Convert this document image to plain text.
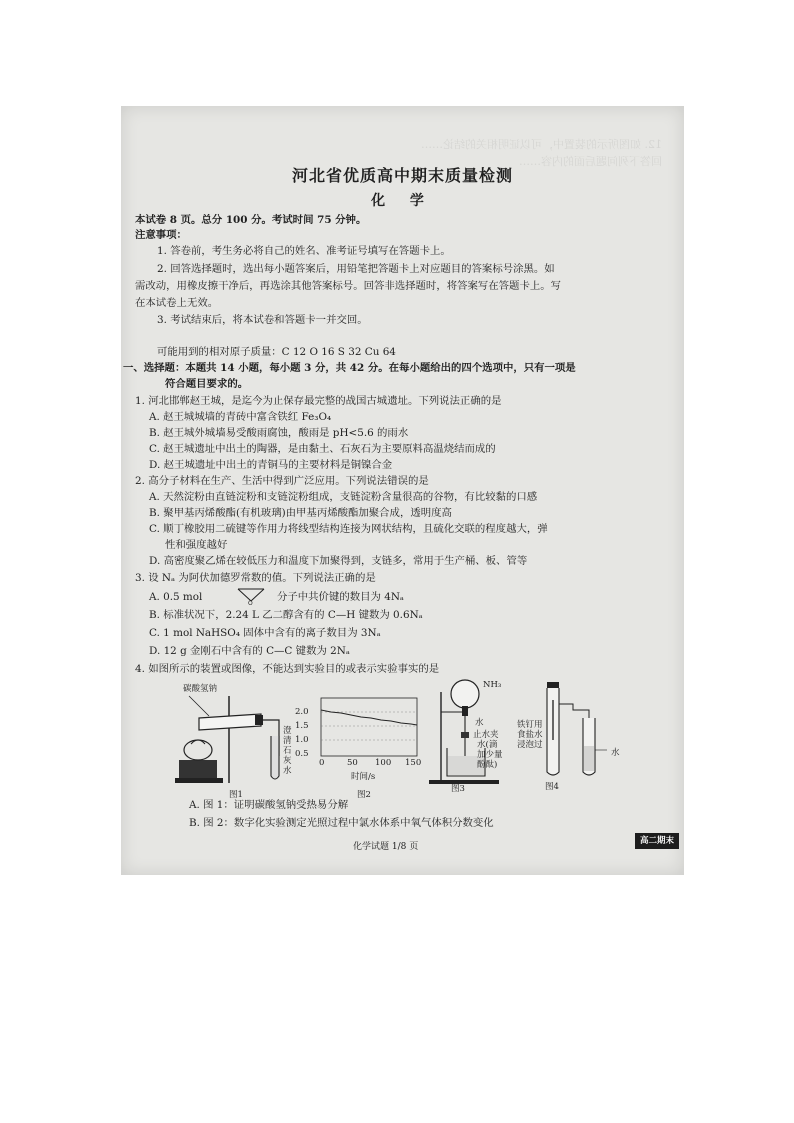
12. 如图所示的装置中，可以证明相关的结论……
回答下列问题后面的内容……
河北省优质高中期末质量检测
化 学
本试卷 8 页。总分 100 分。考试时间 75 分钟。
注意事项：
1. 答卷前，考生务必将自己的姓名、准考证号填写在答题卡上。
2. 回答选择题时，选出每小题答案后，用铅笔把答题卡上对应题目的答案标号涂黑。如
需改动，用橡皮擦干净后，再选涂其他答案标号。回答非选择题时，将答案写在答题卡上。写
在本试卷上无效。
3. 考试结束后，将本试卷和答题卡一并交回。
可能用到的相对原子质量：C 12 O 16 S 32 Cu 64
一、选择题：本题共 14 小题，每小题 3 分，共 42 分。在每小题给出的四个选项中，只有一项是
符合题目要求的。
1. 河北邯郸赵王城，是迄今为止保存最完整的战国古城遗址。下列说法正确的是
A. 赵王城城墙的青砖中富含铁红 Fe₃O₄
B. 赵王城外城墙易受酸雨腐蚀，酸雨是 pH<5.6 的雨水
C. 赵王城遗址中出土的陶器，是由黏土、石灰石为主要原料高温烧结而成的
D. 赵王城遗址中出土的青铜马的主要材料是铜镍合金
2. 高分子材料在生产、生活中得到广泛应用。下列说法错误的是
A. 天然淀粉由直链淀粉和支链淀粉组成，支链淀粉含量很高的谷物，有比较黏的口感
B. 聚甲基丙烯酸酯(有机玻璃)由甲基丙烯酸酯加聚合成，透明度高
C. 顺丁橡胶用二硫键等作用力将线型结构连接为网状结构，且硫化交联的程度越大，弹
性和强度越好
D. 高密度聚乙烯在较低压力和温度下加聚得到，支链多，常用于生产桶、板、管等
3. 设 Nₐ 为阿伏加德罗常数的值。下列说法正确的是
A. 0.5 mol
O
分子中共价键的数目为 4Nₐ
B. 标准状况下，2.24 L 乙二醇含有的 C—H 键数为 0.6Nₐ
C. 1 mol NaHSO₄ 固体中含有的离子数目为 3Nₐ
D. 12 g 金刚石中含有的 C—C 键数为 2Nₐ
4. 如图所示的装置或图像，不能达到实验目的或表示实验事实的是
碳酸氢钠
澄
清
石
灰
水
图1
2.0
1.5
1.0
0.5
0	50 100 150
时间/s
图2
NH₃
水
止水夹
水(滴
加少量
酚酞)
图3
铁钉用
食盐水
浸泡过
水
图4
A. 图 1：证明碳酸氢钠受热易分解
B. 图 2：数字化实验测定光照过程中氯水体系中氧气体积分数变化
化学试题 1/8 页
高二期末
